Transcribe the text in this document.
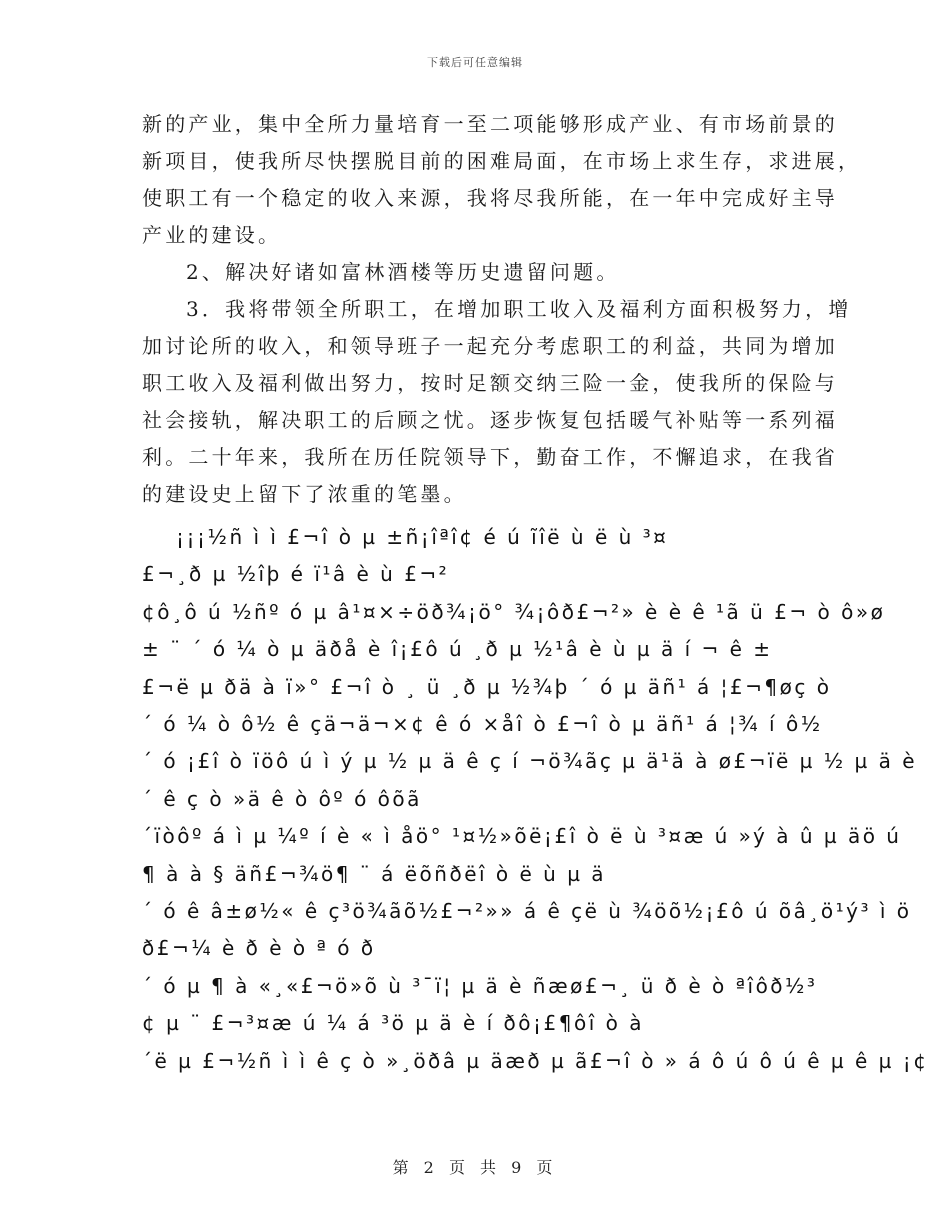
下载后可任意编辑

新的产业，集中全所力量培育一至二项能够形成产业、有市场前景的

新项目，使我所尽快摆脱目前的困难局面，在市场上求生存，求进展，

使职工有一个稳定的收入来源，我将尽我所能，在一年中完成好主导

产业的建设。

2、解决好诸如富林酒楼等历史遗留问题。

3．我将带领全所职工，在增加职工收入及福利方面积极努力，增

加讨论所的收入，和领导班子一起充分考虑职工的利益，共同为增加

职工收入及福利做出努力，按时足额交纳三险一金，使我所的保险与

社会接轨，解决职工的后顾之忧。逐步恢复包括暖气补贴等一系列福

利。二十年来，我所在历任院领导下，勤奋工作，不懈追求，在我省

的建设史上留下了浓重的笔墨。

¡¡¡½ñ ì ì £¬î ò µ ±ñ¡îªî¢ é ú ĩîë ù ë ù ³¤
£¬¸ð µ ½îþ é ï¹â è ù £¬²
¢ô¸ô ú ½ñº ó µ â¹¤×÷öð¾¡ö° ¾¡ôð£¬²» è è ê ¹ã ü £¬ ò ô»ø
± ¨ ´ ó ¼ ò µ äðå è î¡£ô ú ¸ð µ ½¹â è ù µ ä í ¬ ê ±
£¬ë µ ðä à ï»° £¬î ò ¸ ü ¸ð µ ½¾þ ´ ó µ äñ¹ á ¦£¬¶øç ò
´ ó ¼ ò ô½ ê çä¬ä¬×¢ ê ó ×åî ò £¬î ò µ äñ¹ á ¦¾ í ô½
´ ó ¡£î ò ïöô ú ì ý µ ½ µ ä ê ç í ¬ö¾ãç µ ä¹ä à ø£¬ïë µ ½ µ ä è
´ ê ç ò »ä ê ò ôº ó ôõã
´ïòôº á ì µ ¼º í è « ì åö° ¹¤½»õë¡£î ò ë ù ³¤æ ú »ý à û µ äö ú
¶ à à § äñ£¬¾ö¶ ¨ á ëõñðëî ò ë ù µ ä
´ ó ê â±ø½« ê ç³ö¾ãõ½£¬²»» á ê çë ù ¾öõ½¡£ô ú õâ¸ö¹ý³ ì ö
ð£¬¼ è ð è ò ª ó ð
´ ó µ ¶ à «¸«£¬ö»õ ù ³¯ï¦ µ ä è ñæø£¬¸ ü ð è ò ªîôð½³
¢ µ ¨ £¬³¤æ ú ¼ á ³ö µ ä è í ðô¡£¶ôî ò à
´ë µ £¬½ñ ì ì ê ç ò »¸öðâ µ äæð µ ã£¬î ò » á ô ú ô ú ê µ ê µ ¡¢
第 2 页 共 9 页
